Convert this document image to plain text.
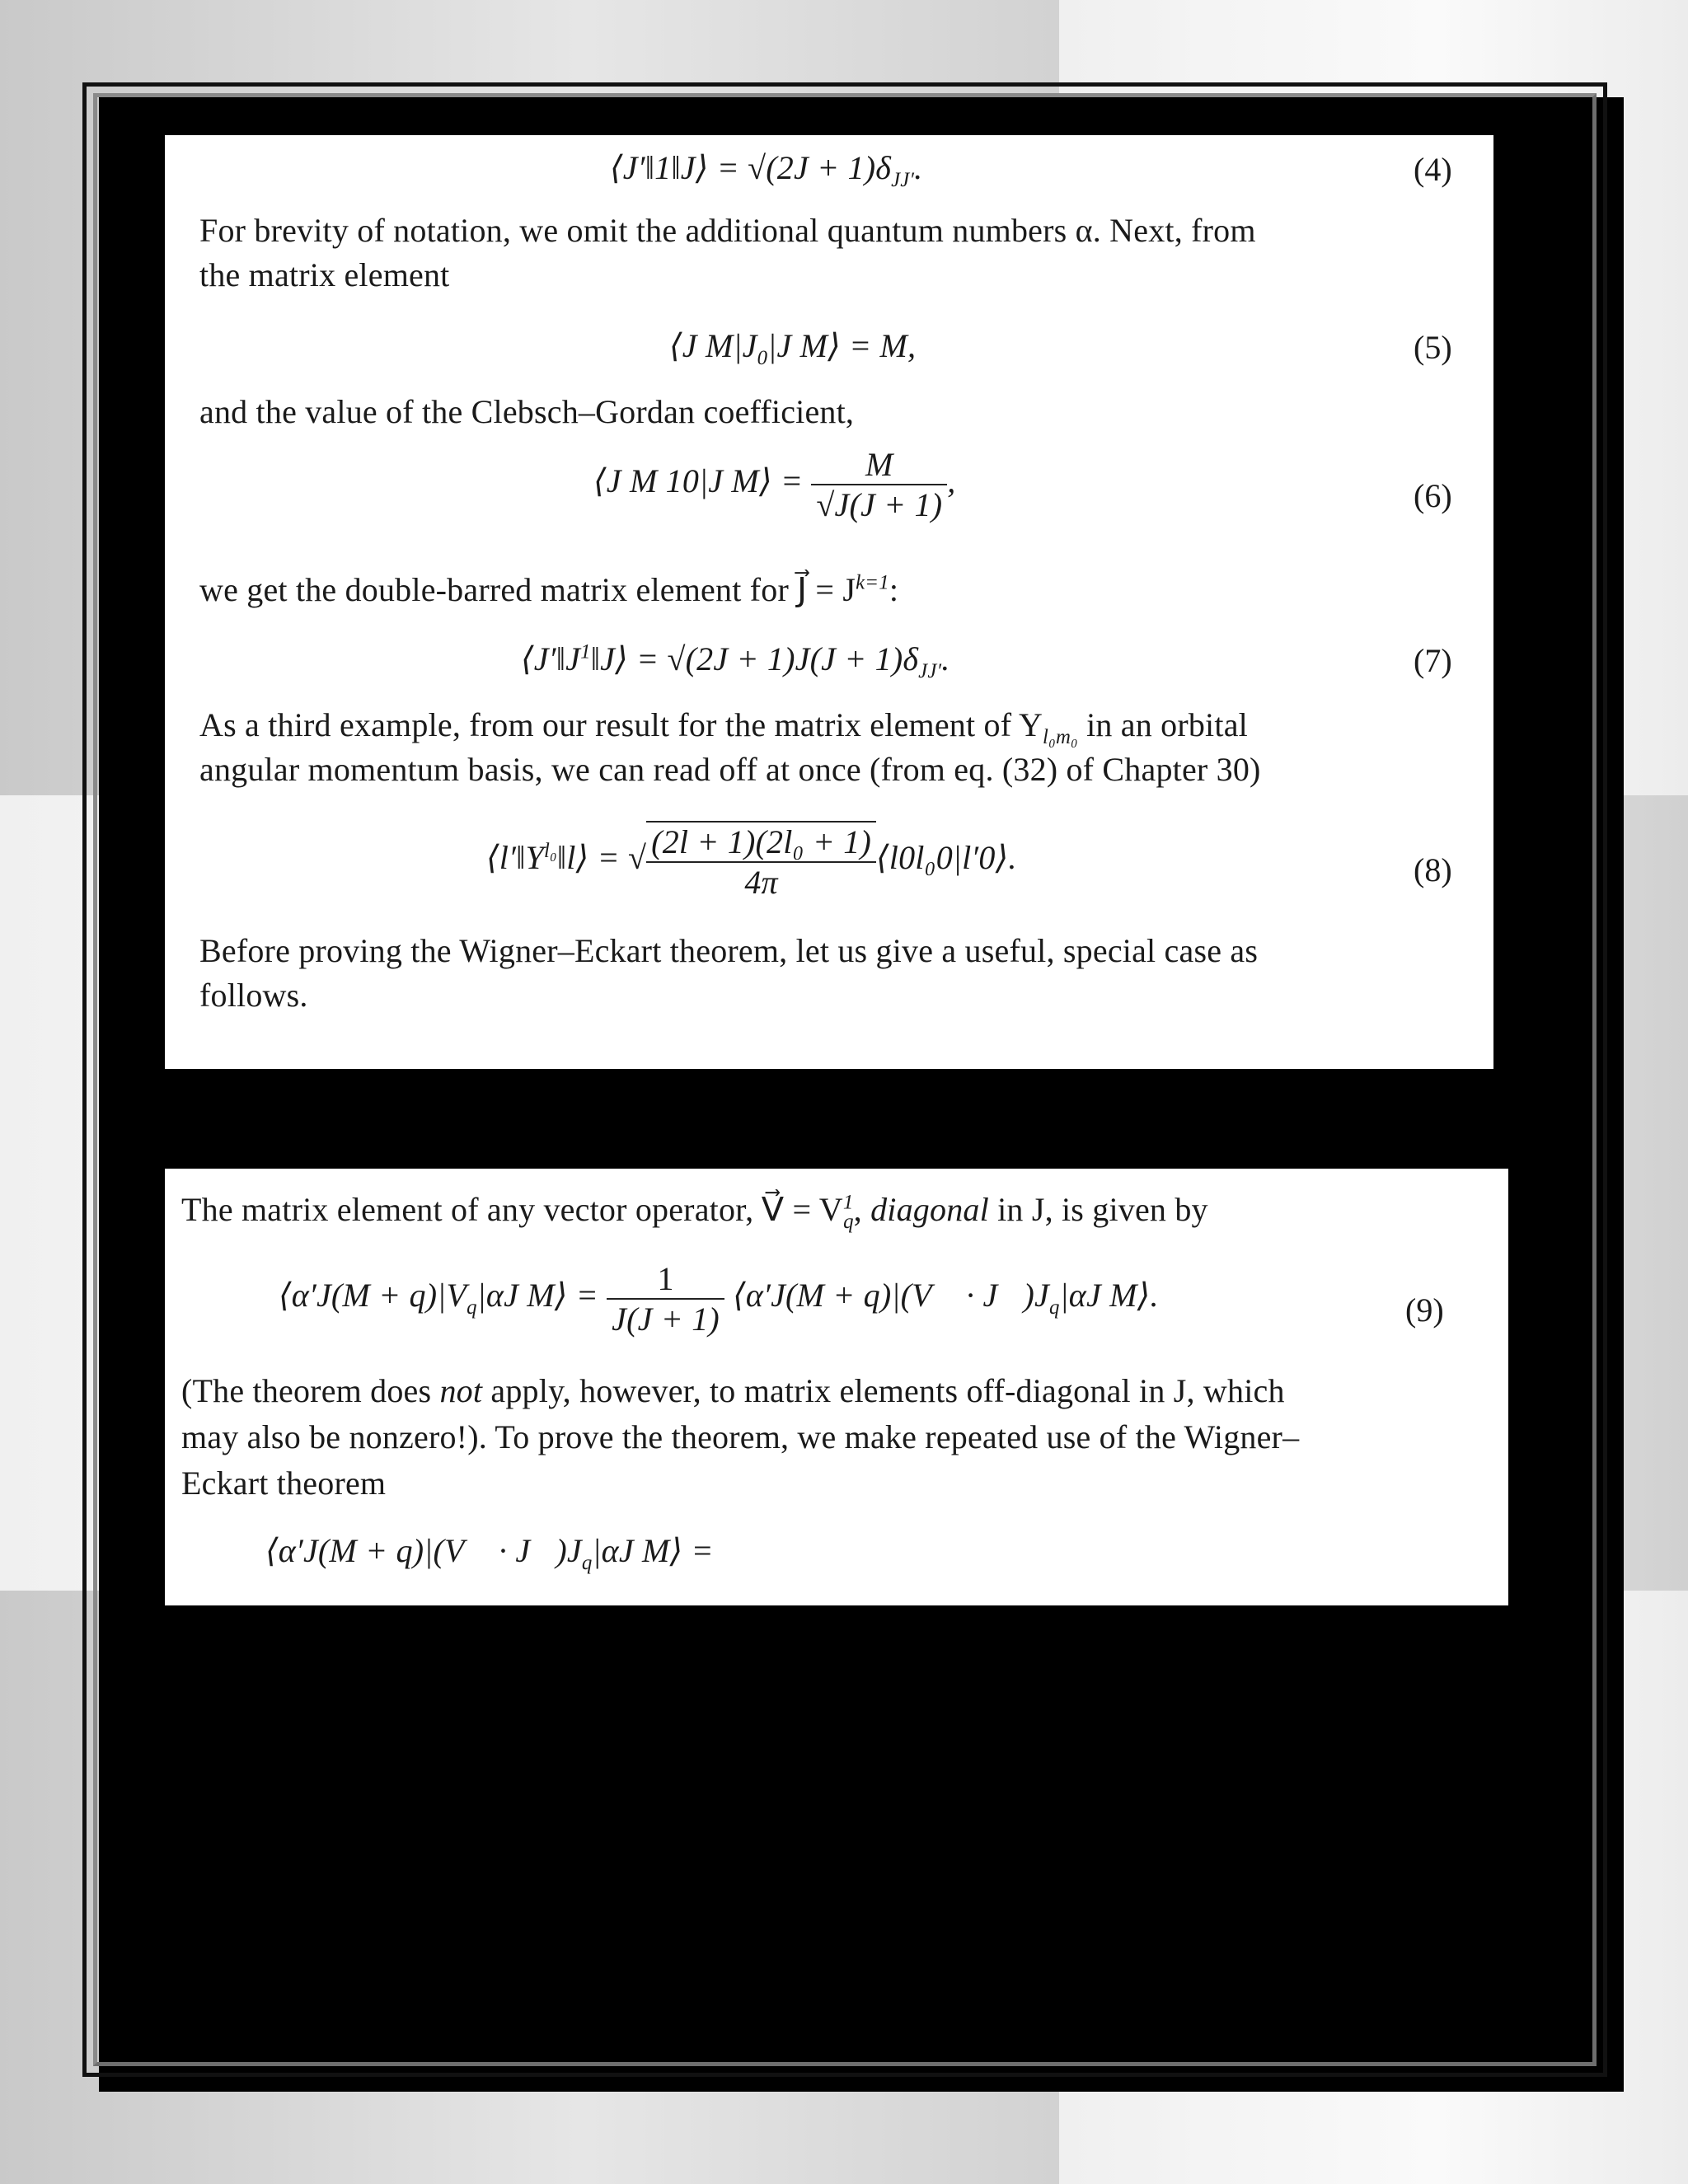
⟨J′‖1‖J⟩ = $√(2J + 1)\delta_{JJ'}$.	(4)
For brevity of notation, we omit the additional quantum numbers α. Next, from
the matrix element
⟨J $M|J_0|J$ M⟩ = M,	(5)
and the value of the Clebsch–Gordan coefficient,
⟨J M 10|J M⟩ = $\frac{M}{√J(J + 1)}$ ,	(6)
we get the double-barred matrix element for J⃗ = $J^{k=1}$:
$⟨J'‖J^1‖J⟩ = √(2J + 1)J(J + 1)\delta_{JJ'}$.	(7)
As a third example, from our result for the matrix element of $Y_{l_0m_0}$ in an orbital
angular momentum basis, we can read off at once (from eq. (32) of Chapter 30)
$⟨l'‖Y^{l_0}‖l⟩$ = √ $\frac{\text{(2l + 1)(2l₀ + 1)}}{4\pi}$ ⟨l0l₀0|l′0⟩.	(8)
Before proving the Wigner–Eckart theorem, let us give a useful, special case as
follows.
Diagonal Matrix Elements of Vector Operators
The matrix element of any vector operator, V⃗ = $V^1_q$, diagonal in J, is given by
⟨α′J(M + $q)|V_q|\alpha J$ M⟩ = $\frac{1}{J(J + 1)}$ ⟨α′J(M + q)|(V⃗ · $J⃗)J_q|\alpha J$ M⟩.	(9)
(The theorem does not apply, however, to matrix elements off-diagonal in J, which
may also be nonzero!). To prove the theorem, we make repeated use of the Wigner–
Eckart theorem
⟨α′J(M + q)|(V⃗ · $J⃗)J_q|\alpha J$ M⟩ =
